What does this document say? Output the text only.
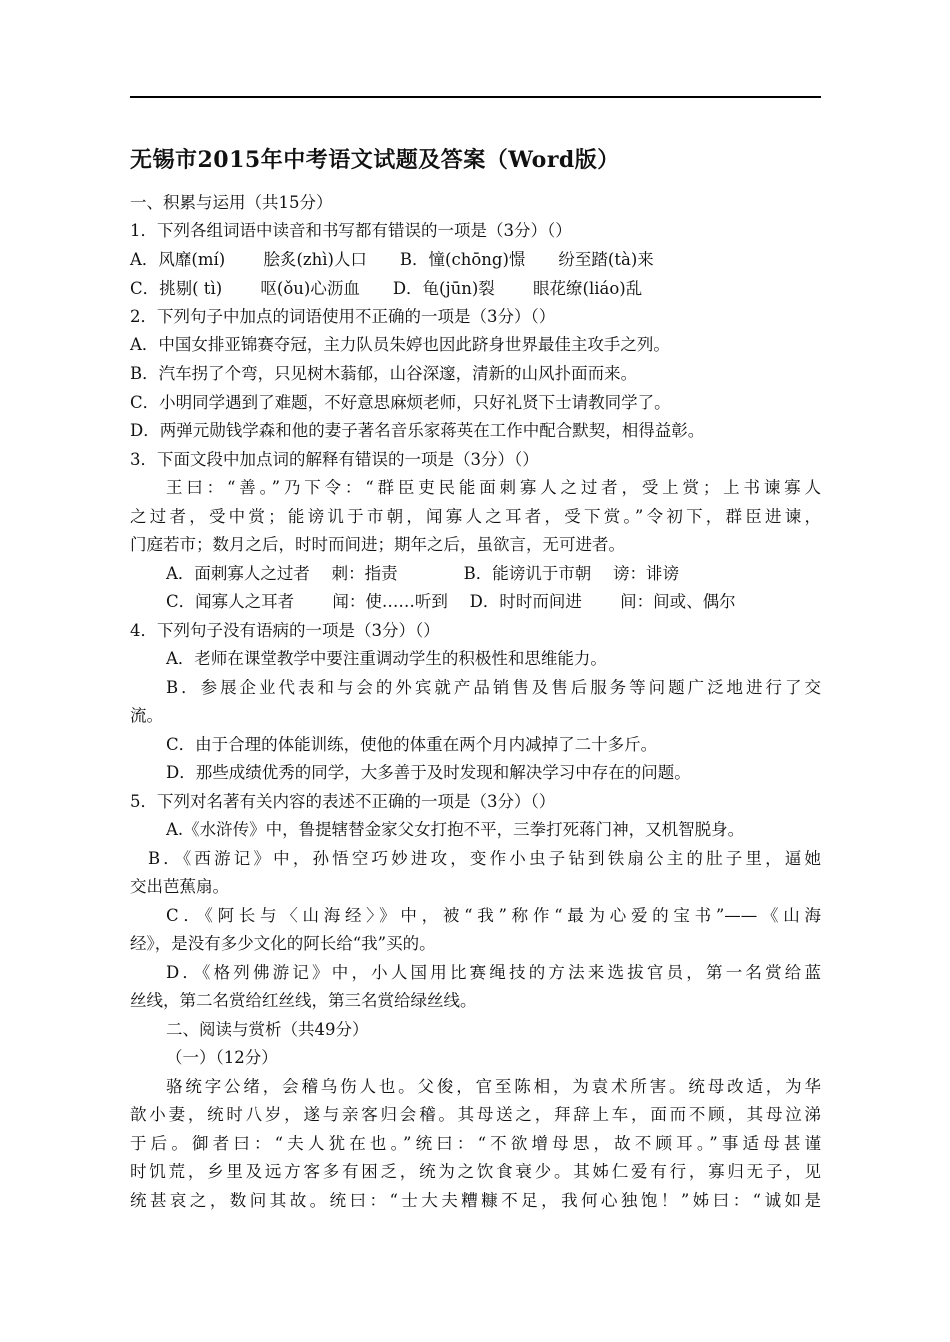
无锡市2015年中考语文试题及答案（Word版）
一、积累与运用（共15分）
1．下列各组词语中读音和书写都有错误的一项是（3分）（）
A．风靡(mí)　　 脍炙(zhì)人口　　B．憧(chōng)憬　　纷至踏(tà)来
C．挑剔( tì)　　 呕(ǒu)心沥血　　D．龟(jūn)裂　　 眼花缭(liáo)乱
2．下列句子中加点的词语使用不正确的一项是（3分）（）
A．中国女排亚锦赛夺冠，主力队员朱婷也因此跻身世界最佳主攻手之列。
B．汽车拐了个弯，只见树木蓊郁，山谷深邃，清新的山风扑面而来。
C．小明同学遇到了难题，不好意思麻烦老师，只好礼贤下士请教同学了。
D．两弹元勋钱学森和他的妻子著名音乐家蒋英在工作中配合默契，相得益彰。
3．下面文段中加点词的解释有错误的一项是（3分）（）
王曰：“善。”乃下令：“群臣吏民能面刺寡人之过者，受上赏；上书谏寡人
之过者，受中赏；能谤讥于市朝，闻寡人之耳者，受下赏。”令初下，群臣进谏，
门庭若市；数月之后，时时而间进；期年之后，虽欲言，无可进者。
A．面刺寡人之过者　 刺：指责　　　　B．能谤讥于市朝　 谤：诽谤
C．闻寡人之耳者　　 闻：使……听到　 D．时时而间进　　 间：间或、偶尔
4．下列句子没有语病的一项是（3分）（）
A．老师在课堂教学中要注重调动学生的积极性和思维能力。
B．参展企业代表和与会的外宾就产品销售及售后服务等问题广泛地进行了交
流。
C．由于合理的体能训练，使他的体重在两个月内减掉了二十多斤。
D．那些成绩优秀的同学，大多善于及时发现和解决学习中存在的问题。
5．下列对名著有关内容的表述不正确的一项是（3分）（）
A.《水浒传》中，鲁提辖替金家父女打抱不平，三拳打死蒋门神，又机智脱身。
B．《西游记》中，孙悟空巧妙进攻，变作小虫子钻到铁扇公主的肚子里，逼她
交出芭蕉扇。
C．《阿长与〈山海经〉》中，被“我”称作“最为心爱的宝书”——《山海
经》，是没有多少文化的阿长给“我”买的。
D．《格列佛游记》中，小人国用比赛绳技的方法来选拔官员，第一名赏给蓝
丝线，第二名赏给红丝线，第三名赏给绿丝线。
二、阅读与赏析（共49分）
（一）（12分）
骆统字公绪，会稽乌伤人也。父俊，官至陈相，为袁术所害。统母改适，为华
歆小妻，统时八岁，遂与亲客归会稽。其母送之，拜辞上车，面而不顾，其母泣涕
于后。御者曰：“夫人犹在也。”统曰：“不欲增母思，故不顾耳。”事适母甚谨
时饥荒，乡里及远方客多有困乏，统为之饮食衰少。其姊仁爱有行，寡归无子，见
统甚哀之，数问其故。统曰：“士大夫糟糠不足，我何心独饱！”姊曰：“诚如是
